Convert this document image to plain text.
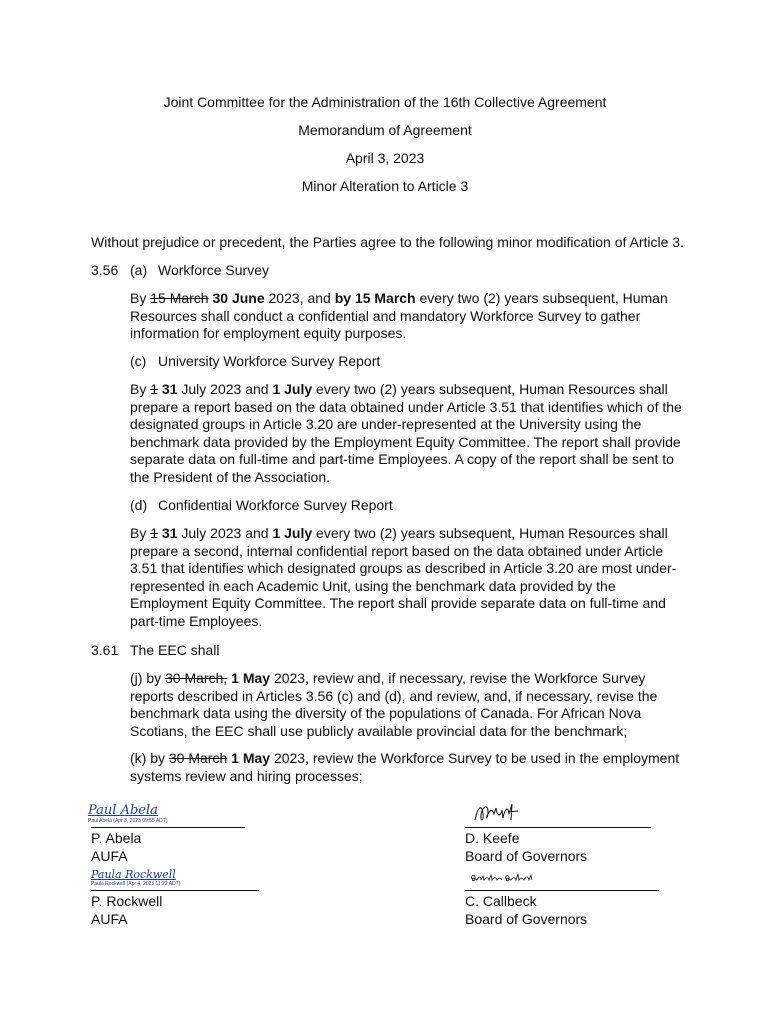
Joint Committee for the Administration of the 16th Collective Agreement
Memorandum of Agreement
April 3, 2023
Minor Alteration to Article 3
Without prejudice or precedent, the Parties agree to the following minor modification of Article 3.
3.56 (a) Workforce Survey
By 15 March 30 June 2023, and by 15 March every two (2) years subsequent, Human Resources shall conduct a confidential and mandatory Workforce Survey to gather information for employment equity purposes.
(c) University Workforce Survey Report
By 1 31 July 2023 and 1 July every two (2) years subsequent, Human Resources shall prepare a report based on the data obtained under Article 3.51 that identifies which of the designated groups in Article 3.20 are under-represented at the University using the benchmark data provided by the Employment Equity Committee. The report shall provide separate data on full-time and part-time Employees. A copy of the report shall be sent to the President of the Association.
(d) Confidential Workforce Survey Report
By 1 31 July 2023 and 1 July every two (2) years subsequent, Human Resources shall prepare a second, internal confidential report based on the data obtained under Article 3.51 that identifies which designated groups as described in Article 3.20 are most under-represented in each Academic Unit, using the benchmark data provided by the Employment Equity Committee. The report shall provide separate data on full-time and part-time Employees.
3.61 The EEC shall
(j) by 30 March, 1 May 2023, review and, if necessary, revise the Workforce Survey reports described in Articles 3.56 (c) and (d), and review, and, if necessary, revise the benchmark data using the diversity of the populations of Canada. For African Nova Scotians, the EEC shall use publicly available provincial data for the benchmark;
(k) by 30 March 1 May 2023, review the Workforce Survey to be used in the employment systems review and hiring processes;
Paul Abela
Paul Abela (Apr 3, 2023 09:55 ADT)
P. Abela
AUFA
D. Keefe
Board of Governors
Paula Rockwell
Paula Rockwell (Apr 4, 2023 11:22 ADT)
P. Rockwell
AUFA
C. Callbeck
Board of Governors
